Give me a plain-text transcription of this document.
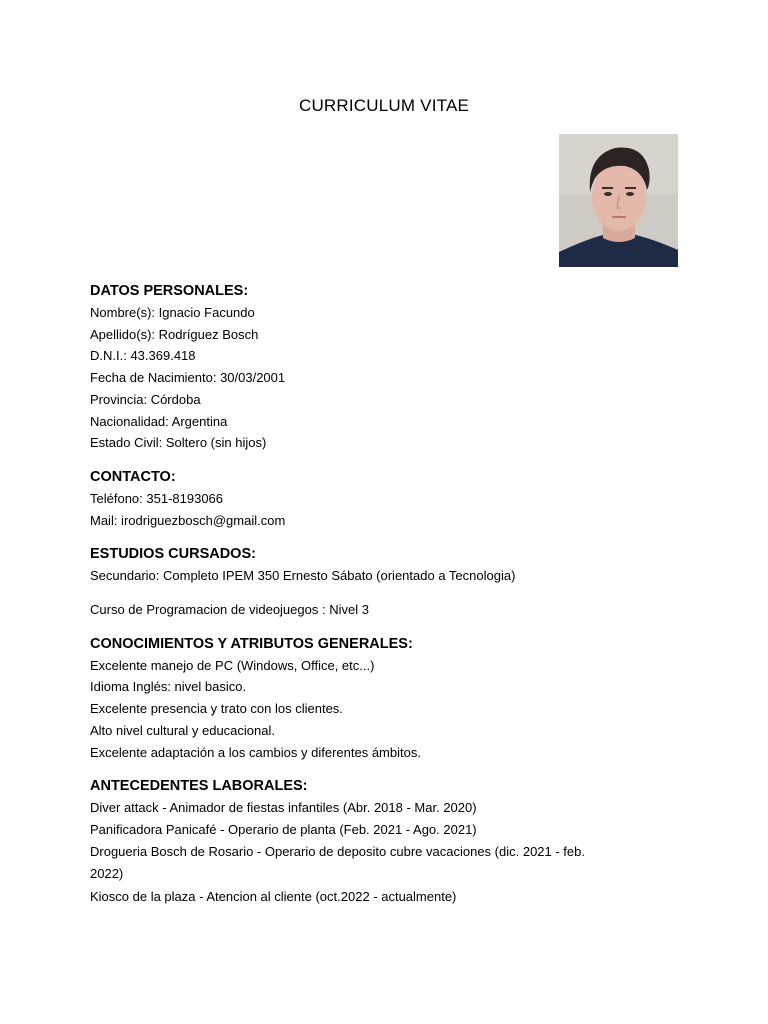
CURRICULUM VITAE

DATOS PERSONALES:

Nombre(s): Ignacio Facundo

Apellido(s): Rodríguez Bosch

D.N.I.: 43.369.418

Fecha de Nacimiento: 30/03/2001

Provincia: Córdoba

Nacionalidad: Argentina

Estado Civil: Soltero (sin hijos)

CONTACTO:

Teléfono: 351-8193066

Mail: irodriguezbosch@gmail.com

ESTUDIOS CURSADOS:

Secundario: Completo IPEM 350 Ernesto Sábato (orientado a Tecnologia)

Curso de Programacion de videojuegos : Nivel 3

CONOCIMIENTOS Y ATRIBUTOS GENERALES:

Excelente manejo de PC (Windows, Office, etc...)

Idioma Inglés: nivel basico.

Excelente presencia y trato con los clientes.

Alto nivel cultural y educacional.

Excelente adaptación a los cambios y diferentes ámbitos.

ANTECEDENTES LABORALES:

Diver attack - Animador de fiestas infantiles (Abr. 2018 - Mar. 2020)

Panificadora Panicafé - Operario de planta (Feb. 2021 - Ago. 2021)

Drogueria Bosch de Rosario - Operario de deposito cubre vacaciones (dic. 2021 - feb. 2022)

Kiosco de la plaza - Atencion al cliente (oct.2022 - actualmente)
